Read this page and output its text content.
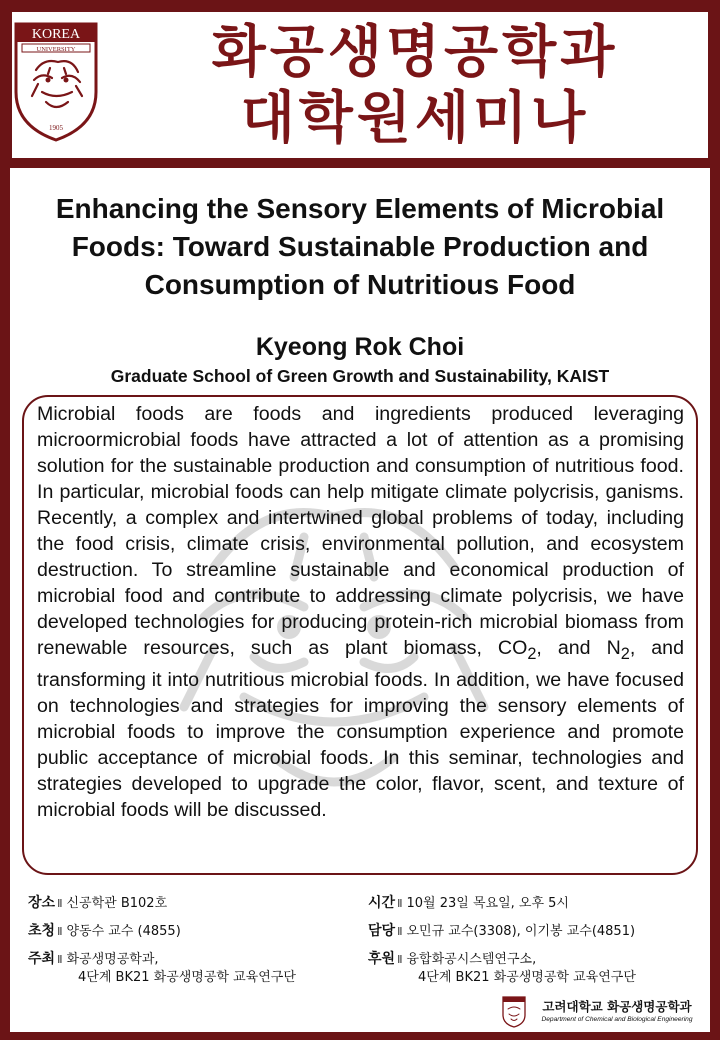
KOREA
UNIVERSITY
1905
화공생명공학과
대학원세미나
Enhancing the Sensory Elements of Microbial
Foods: Toward Sustainable Production and
Consumption of Nutritious Food
Kyeong Rok Choi
Graduate School of Green Growth and Sustainability, KAIST
Microbial foods are foods and ingredients produced leveraging microormicrobial foods have attracted a lot of attention as a promising solution for the sustainable production and consumption of nutritious food. In particular, microbial foods can help mitigate climate polycrisis, ganisms. Recently, a complex and intertwined global problems of today, including the food crisis, climate crisis, environmental pollution, and ecosystem destruction. To streamline sustainable and economical production of microbial food and contribute to addressing climate polycrisis, we have developed technologies for producing protein-rich microbial biomass from renewable resources, such as plant biomass, $CO_2$, and $N_2$, and transforming it into nutritious microbial foods. In addition, we have focused on technologies and strategies for improving the sensory elements of microbial foods to improve the consumption experience and promote public acceptance of microbial foods. In this seminar, technologies and strategies developed to upgrade the color, flavor, scent, and texture of microbial foods will be discussed.
장소 Ⅱ 신공학관 B102호
초청 Ⅱ 양동수 교수 (4855)
주최 Ⅱ 화공생명공학과,
4단계 BK21 화공생명공학 교육연구단
시간 Ⅱ 10월 23일 목요일, 오후 5시
담당 Ⅱ 오민규 교수(3308), 이기봉 교수(4851)
후원 Ⅱ 융합화공시스템연구소,
4단계 BK21 화공생명공학 교육연구단
고려대학교 화공생명공학과
Department of Chemical and Biological Engineering
